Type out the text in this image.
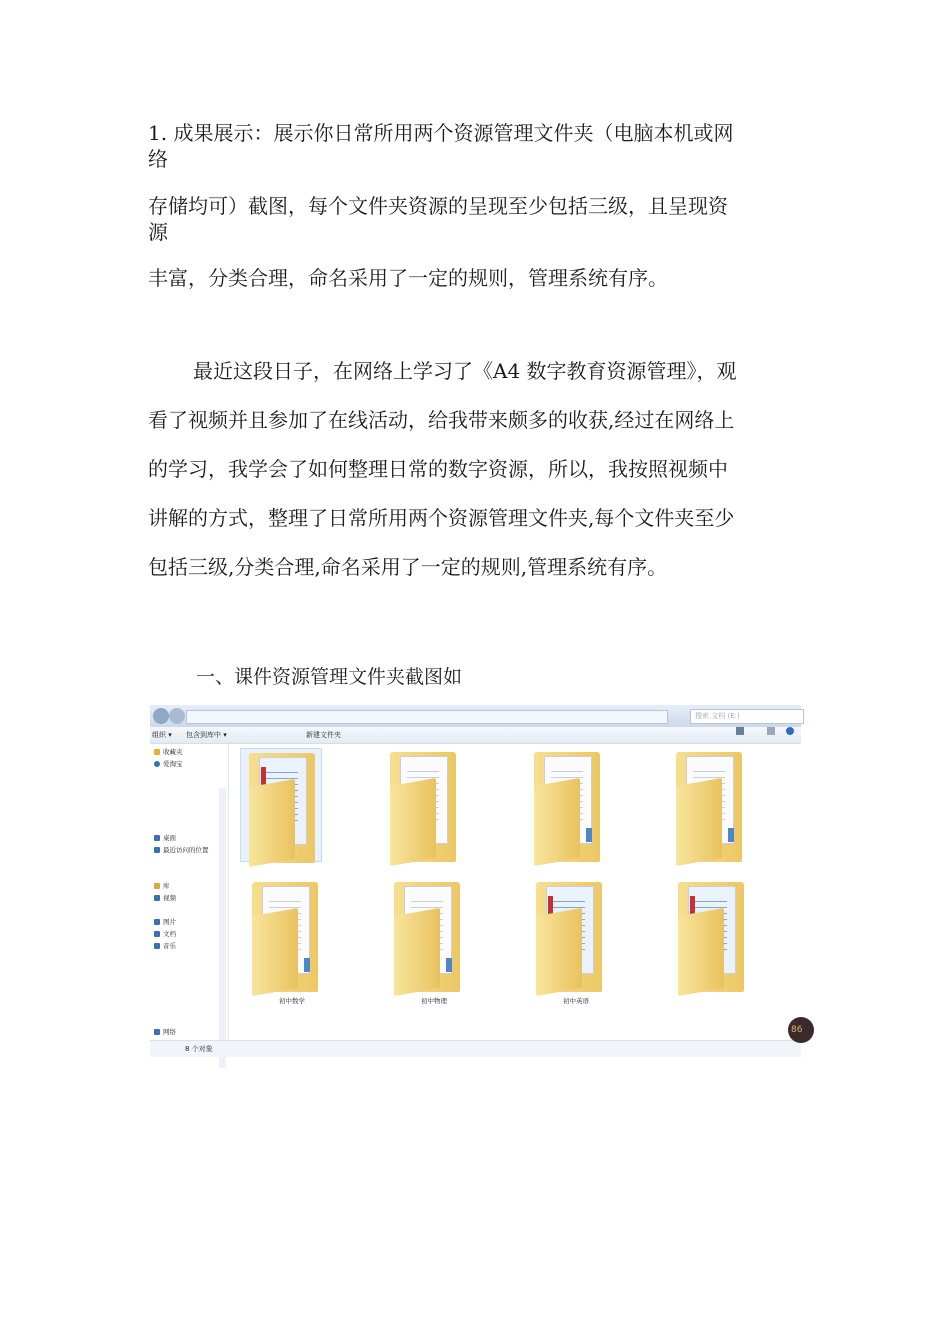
1. 成果展示：展示你日常所用两个资源管理文件夹（电脑本机或网

络

存储均可）截图，每个文件夹资源的呈现至少包括三级，且呈现资

源

丰富，分类合理，命名采用了一定的规则，管理系统有序。

最近这段日子，在网络上学习了《A4 数字教育资源管理》，观

看了视频并且参加了在线活动，给我带来颇多的收获,经过在网络上

的学习，我学会了如何整理日常的数字资源，所以，我按照视频中

讲解的方式，整理了日常所用两个资源管理文件夹,每个文件夹至少

包括三级,分类合理,命名采用了一定的规则,管理系统有序。

一、课件资源管理文件夹截图如
搜索 文档 (E:)
组织 ▾ 包含到库中 ▾	新建文件夹
收藏夹
爱淘宝
桌面
最近访问的位置
库
视频
图片
文档
音乐
网络
初中数学	初中物理	初中英语
8 个对象
86
